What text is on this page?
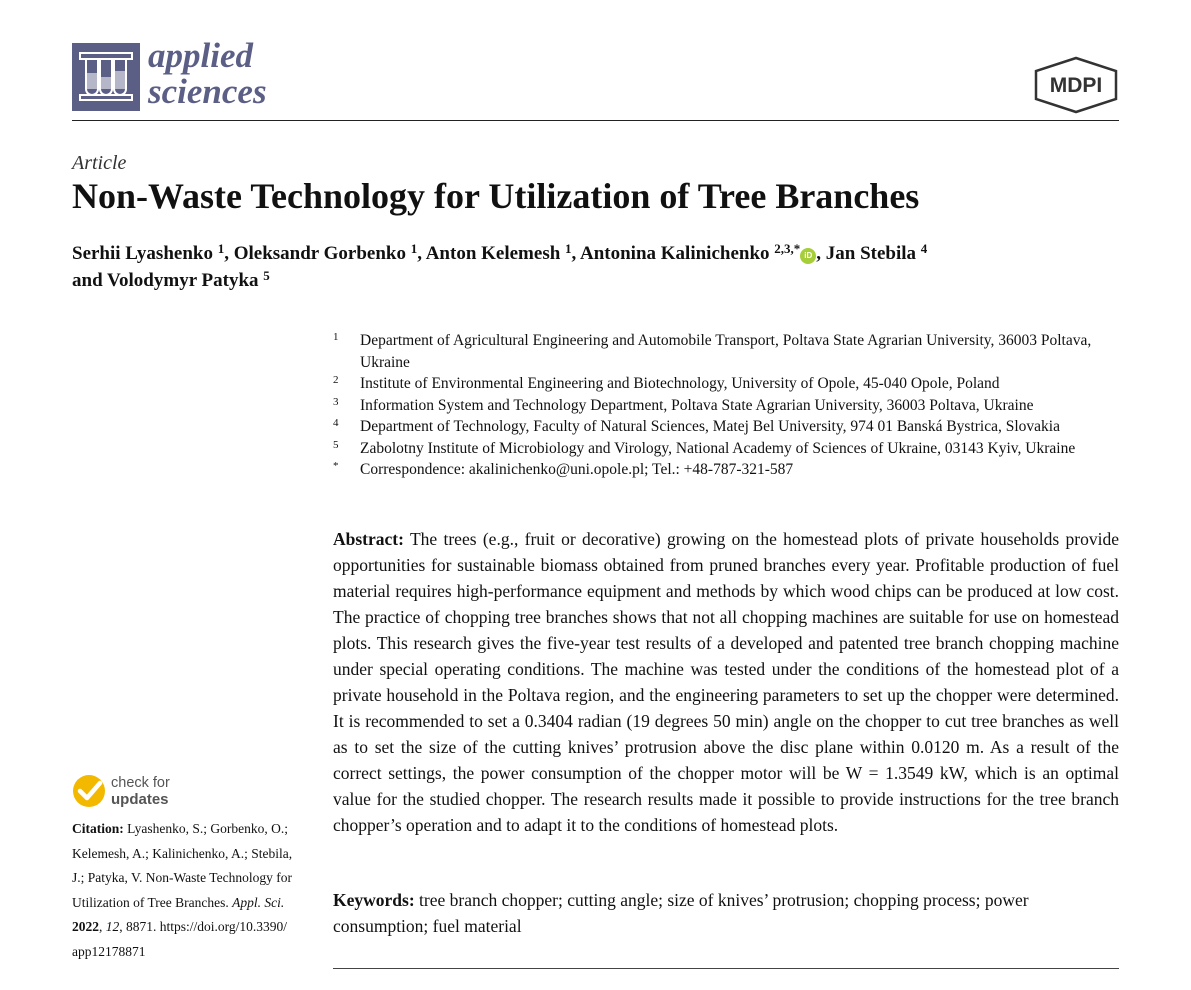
applied
sciences	MDPI
Article
Non-Waste Technology for Utilization of Tree Branches
Serhii Lyashenko $^1$, Oleksandr Gorbenko $^1$, Anton Kelemesh $^1$, Antonina Kalinichenko $^{2,3,*}$ iD , Jan Stebila $^4$
and Volodymyr Patyka $^5$
1	Department of Agricultural Engineering and Automobile Transport, Poltava State Agrarian University, 36003 Poltava, Ukraine
2	Institute of Environmental Engineering and Biotechnology, University of Opole, 45-040 Opole, Poland
3	Information System and Technology Department, Poltava State Agrarian University, 36003 Poltava, Ukraine
4	Department of Technology, Faculty of Natural Sciences, Matej Bel University, 974 01 Banská Bystrica, Slovakia
5	Zabolotny Institute of Microbiology and Virology, National Academy of Sciences of Ukraine, 03143 Kyiv, Ukraine
*	Correspondence: akalinichenko@uni.opole.pl; Tel.: +48-787-321-587
Abstract: The trees (e.g., fruit or decorative) growing on the homestead plots of private households provide opportunities for sustainable biomass obtained from pruned branches every year. Profitable production of fuel material requires high-performance equipment and methods by which wood chips can be produced at low cost. The practice of chopping tree branches shows that not all chopping machines are suitable for use on homestead plots. This research gives the five-year test results of a developed and patented tree branch chopping machine under special operating conditions. The machine was tested under the conditions of the homestead plot of a private household in the Poltava region, and the engineering parameters to set up the chopper were determined. It is recommended to set a 0.3404 radian (19 degrees 50 min) angle on the chopper to cut tree branches as well as to set the size of the cutting knives’ protrusion above the disc plane within 0.0120 m. As a result of the correct settings, the power consumption of the chopper motor will be W = 1.3549 kW, which is an optimal value for the studied chopper. The research results made it possible to provide instructions for the tree branch chopper’s operation and to adapt it to the conditions of homestead plots.
Keywords: tree branch chopper; cutting angle; size of knives’ protrusion; chopping process; power consumption; fuel material
check for
updates
Citation: Lyashenko, S.; Gorbenko, O.; Kelemesh, A.; Kalinichenko, A.; Stebila, J.; Patyka, V. Non-Waste Technology for Utilization of Tree Branches. Appl. Sci. 2022, 12, 8871. https://doi.org/10.3390/ app12178871
